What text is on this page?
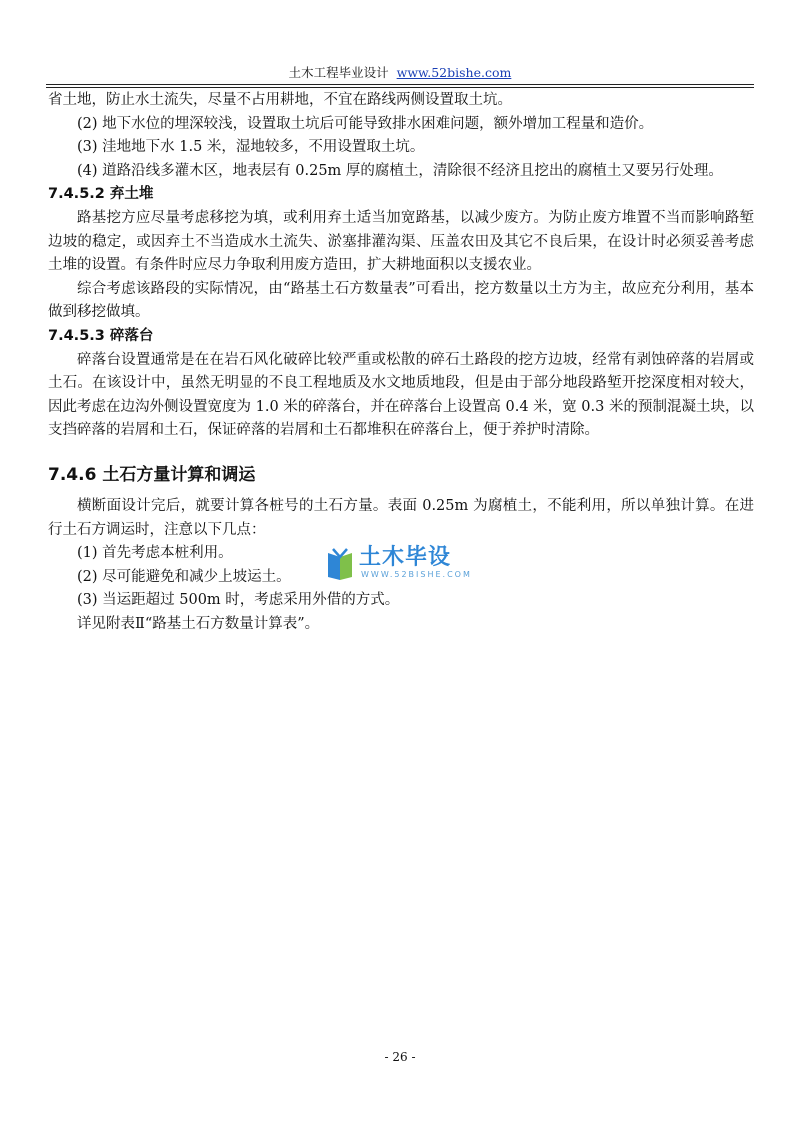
土木工程毕业设计 www.52bishe.com

省土地，防止水土流失，尽量不占用耕地，不宜在路线两侧设置取土坑。

(2) 地下水位的埋深较浅，设置取土坑后可能导致排水困难问题，额外增加工程量和造价。

(3) 洼地地下水 1.5 米，湿地较多，不用设置取土坑。

(4) 道路沿线多灌木区，地表层有 0.25m 厚的腐植土，清除很不经济且挖出的腐植土又要另行处理。

7.4.5.2 弃土堆

路基挖方应尽量考虑移挖为填，或利用弃土适当加宽路基，以减少废方。为防止废方堆置不当而影响路堑边坡的稳定，或因弃土不当造成水土流失、淤塞排灌沟渠、压盖农田及其它不良后果，在设计时必须妥善考虑土堆的设置。有条件时应尽力争取利用废方造田，扩大耕地面积以支援农业。

综合考虑该路段的实际情况，由“路基土石方数量表”可看出，挖方数量以土方为主，故应充分利用，基本做到移挖做填。

7.4.5.3 碎落台

碎落台设置通常是在在岩石风化破碎比较严重或松散的碎石土路段的挖方边坡，经常有剥蚀碎落的岩屑或土石。在该设计中，虽然无明显的不良工程地质及水文地质地段，但是由于部分地段路堑开挖深度相对较大，因此考虑在边沟外侧设置宽度为 1.0 米的碎落台，并在碎落台上设置高 0.4 米，宽 0.3 米的预制混凝土块，以支挡碎落的岩屑和土石，保证碎落的岩屑和土石都堆积在碎落台上，便于养护时清除。

7.4.6 土石方量计算和调运

横断面设计完后，就要计算各桩号的土石方量。表面 0.25m 为腐植土，不能利用，所以单独计算。在进行土石方调运时，注意以下几点：

(1) 首先考虑本桩利用。

(2) 尽可能避免和减少上坡运土。

(3) 当运距超过 500m 时，考虑采用外借的方式。

详见附表Ⅱ“路基土石方数量计算表”。

土木毕设
WWW.52BISHE.COM
- 26 -
